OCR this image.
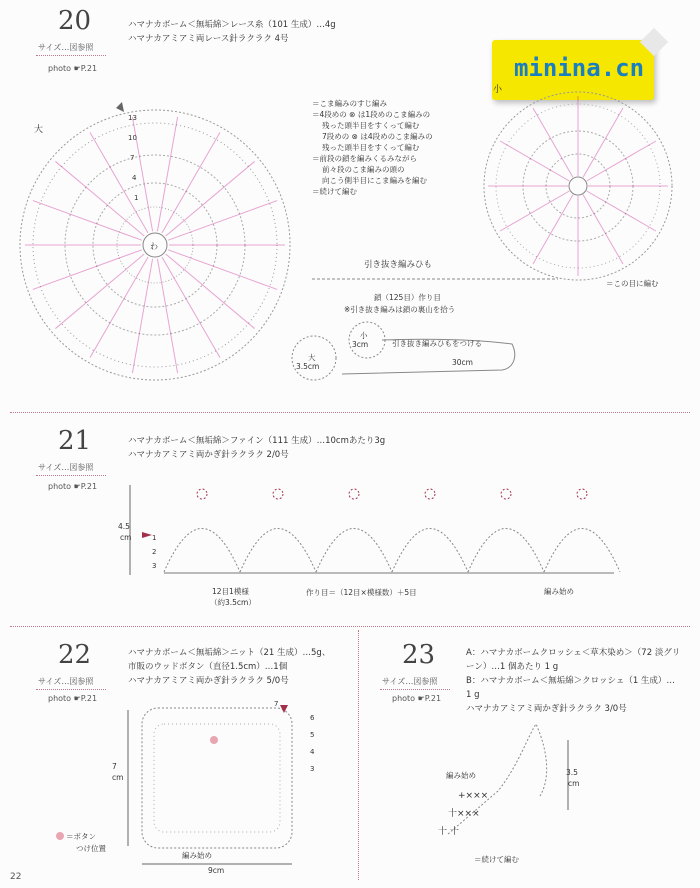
20
サイズ…図参照
photo ☛P.21
ハマナカボーム＜無垢綿＞レース糸（101 生成）…4g
ハマナカアミアミ両レース針ラクラク 4号
minina.cn
大
小
わ
13
10
7
4
1
＝こま編みのすじ編み
＝4段めの ⊗ は1段めのこま編みの
残った頭半目をすくって編む
7段めの ⊗ は4段めのこま編みの
残った頭半目をすくって編む
＝前段の鎖を編みくるみながら
前々段のこま編みの頭の
向こう側半目にこま編みを編む
＝続けて編む
＝この目に編む
引き抜き編みひも
鎖（125目）作り目
※引き抜き編みは鎖の裏山を拾う
小
3cm
大
3.5cm
引き抜き編みひもをつける
30cm
21
サイズ…図参照
photo ☛P.21
ハマナカボーム＜無垢綿＞ファイン（111 生成）…10cmあたり3g
ハマナカアミアミ両かぎ針ラクラク 2/0号
1
2
3
4.5
cm
12目1模様
（約3.5cm）
作り目＝（12目×模様数）＋5目	編み始め
22
サイズ…図参照
photo ☛P.21
ハマナカボーム＜無垢綿＞ニット（21 生成）…5g、
市販のウッドボタン（直径1.5cm）…1個
ハマナカアミアミ両かぎ針ラクラク 5/0号
6
5
4
3
7
7
cm
9cm
編み始め
＝ボタン
つけ位置
23
サイズ…図参照
photo ☛P.21
A：ハマナカボームクロッシェ＜草木染め＞（72 淡グリ
ーン）…1 個あたり 1 g
B：ハマナカボーム＜無垢綿＞クロッシェ（1 生成）…
1 g
ハマナカアミアミ両かぎ針ラクラク 3/0号
+×××
十×××
十 十
編み始め	3.5
cm
＝続けて編む
22
